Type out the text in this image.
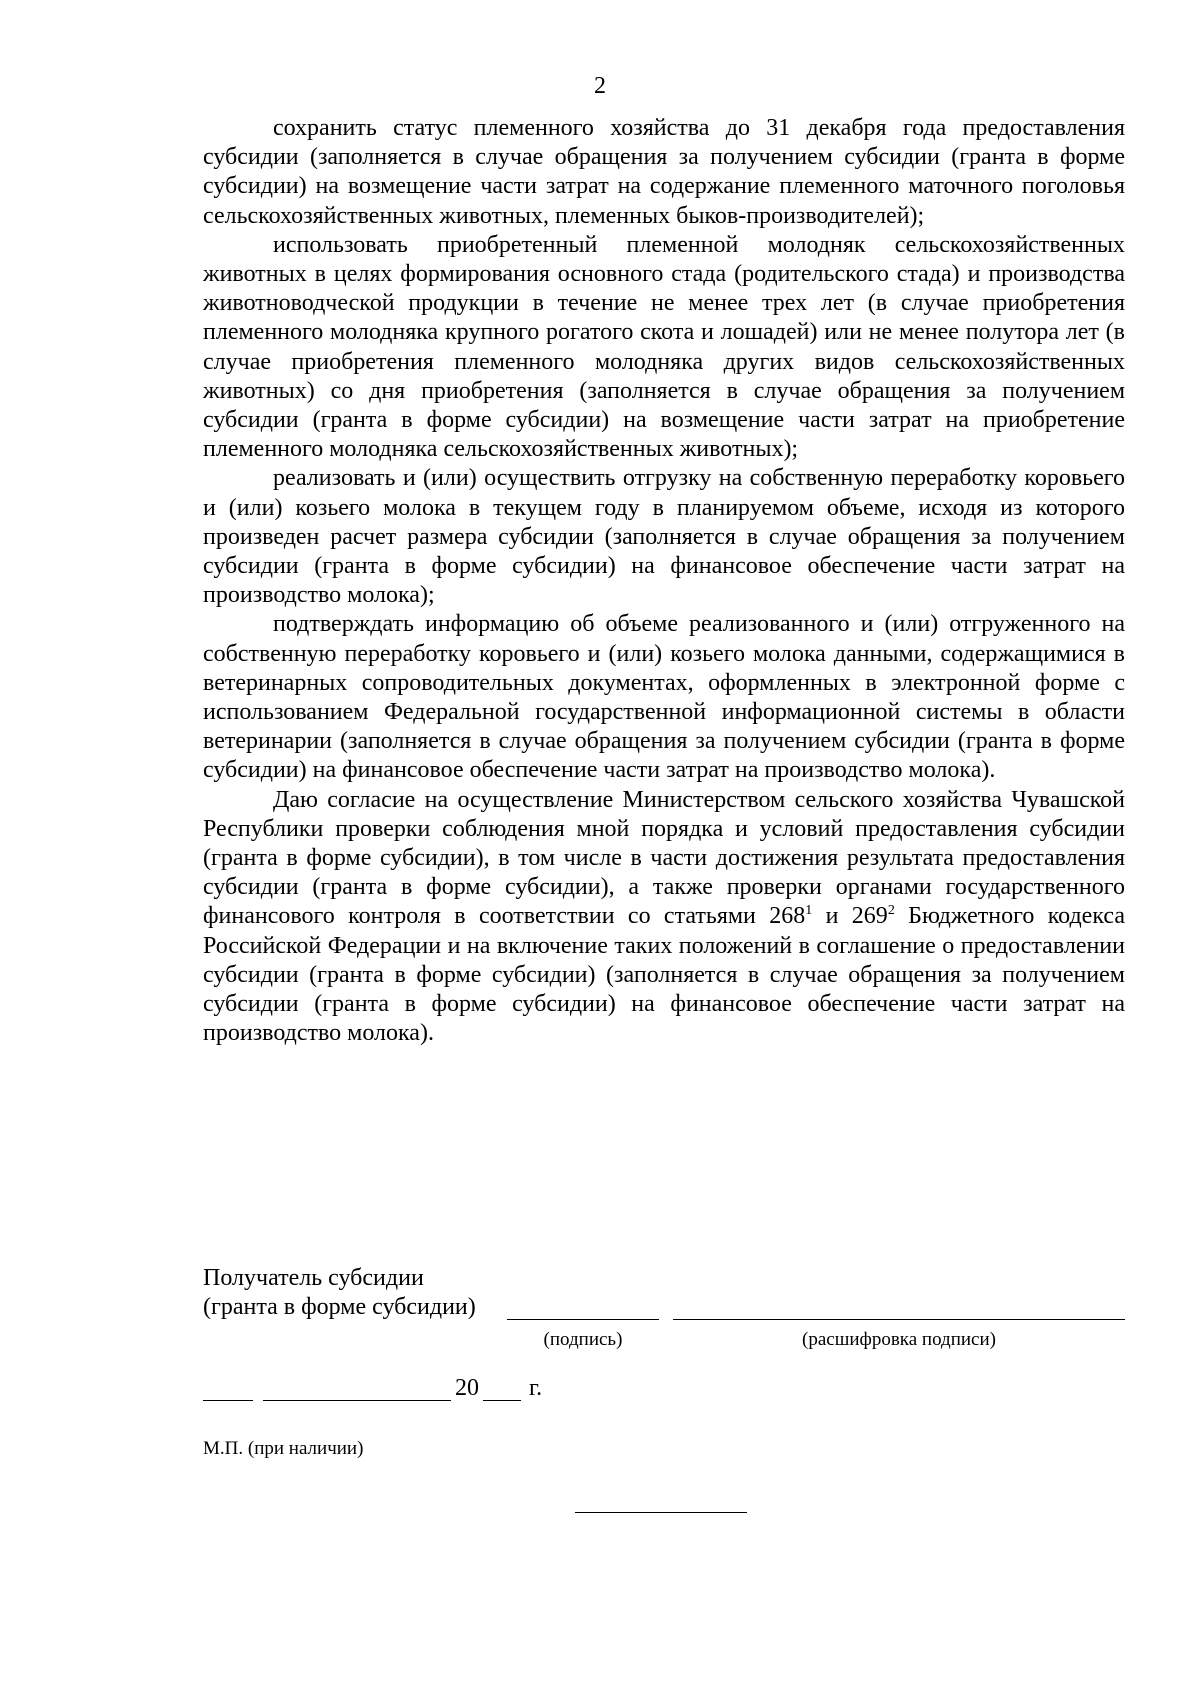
2

сохранить статус племенного хозяйства до 31 декабря года предоставления субсидии (заполняется в случае обращения за получением субсидии (гранта в форме субсидии) на возмещение части затрат на содержание племенного маточного поголовья сельскохозяйственных животных, племенных быков-производителей);

использовать приобретенный племенной молодняк сельскохозяйственных животных в целях формирования основного стада (родительского стада) и производства животноводческой продукции в течение не менее трех лет (в случае приобретения племенного молодняка крупного рогатого скота и лошадей) или не менее полутора лет (в случае приобретения племенного молодняка других видов сельскохозяйственных животных) со дня приобретения (заполняется в случае обращения за получением субсидии (гранта в форме субсидии) на возмещение части затрат на приобретение племенного молодняка сельскохозяйственных животных);

реализовать и (или) осуществить отгрузку на собственную переработку коровьего и (или) козьего молока в текущем году в планируемом объеме, исходя из которого произведен расчет размера субсидии (заполняется в случае обращения за получением субсидии (гранта в форме субсидии) на финансовое обеспечение части затрат на производство молока);

подтверждать информацию об объеме реализованного и (или) отгруженного на собственную переработку коровьего и (или) козьего молока данными, содержащимися в ветеринарных сопроводительных документах, оформленных в электронной форме с использованием Федеральной государственной информационной системы в области ветеринарии (заполняется в случае обращения за получением субсидии (гранта в форме субсидии) на финансовое обеспечение части затрат на производство молока).

Даю согласие на осуществление Министерством сельского хозяйства Чувашской Республики проверки соблюдения мной порядка и условий предоставления субсидии (гранта в форме субсидии), в том числе в части достижения результата предоставления субсидии (гранта в форме субсидии), а также проверки органами государственного финансового контроля в соответствии со статьями $268^1$ и $269^2$ Бюджетного кодекса Российской Федерации и на включение таких положений в соглашение о предоставлении субсидии (гранта в форме субсидии) (заполняется в случае обращения за получением субсидии (гранта в форме субсидии) на финансовое обеспечение части затрат на производство молока).

Получатель субсидии
(гранта в форме субсидии)
(подпись)	(расшифровка подписи)
20 г.
М.П. (при наличии)
